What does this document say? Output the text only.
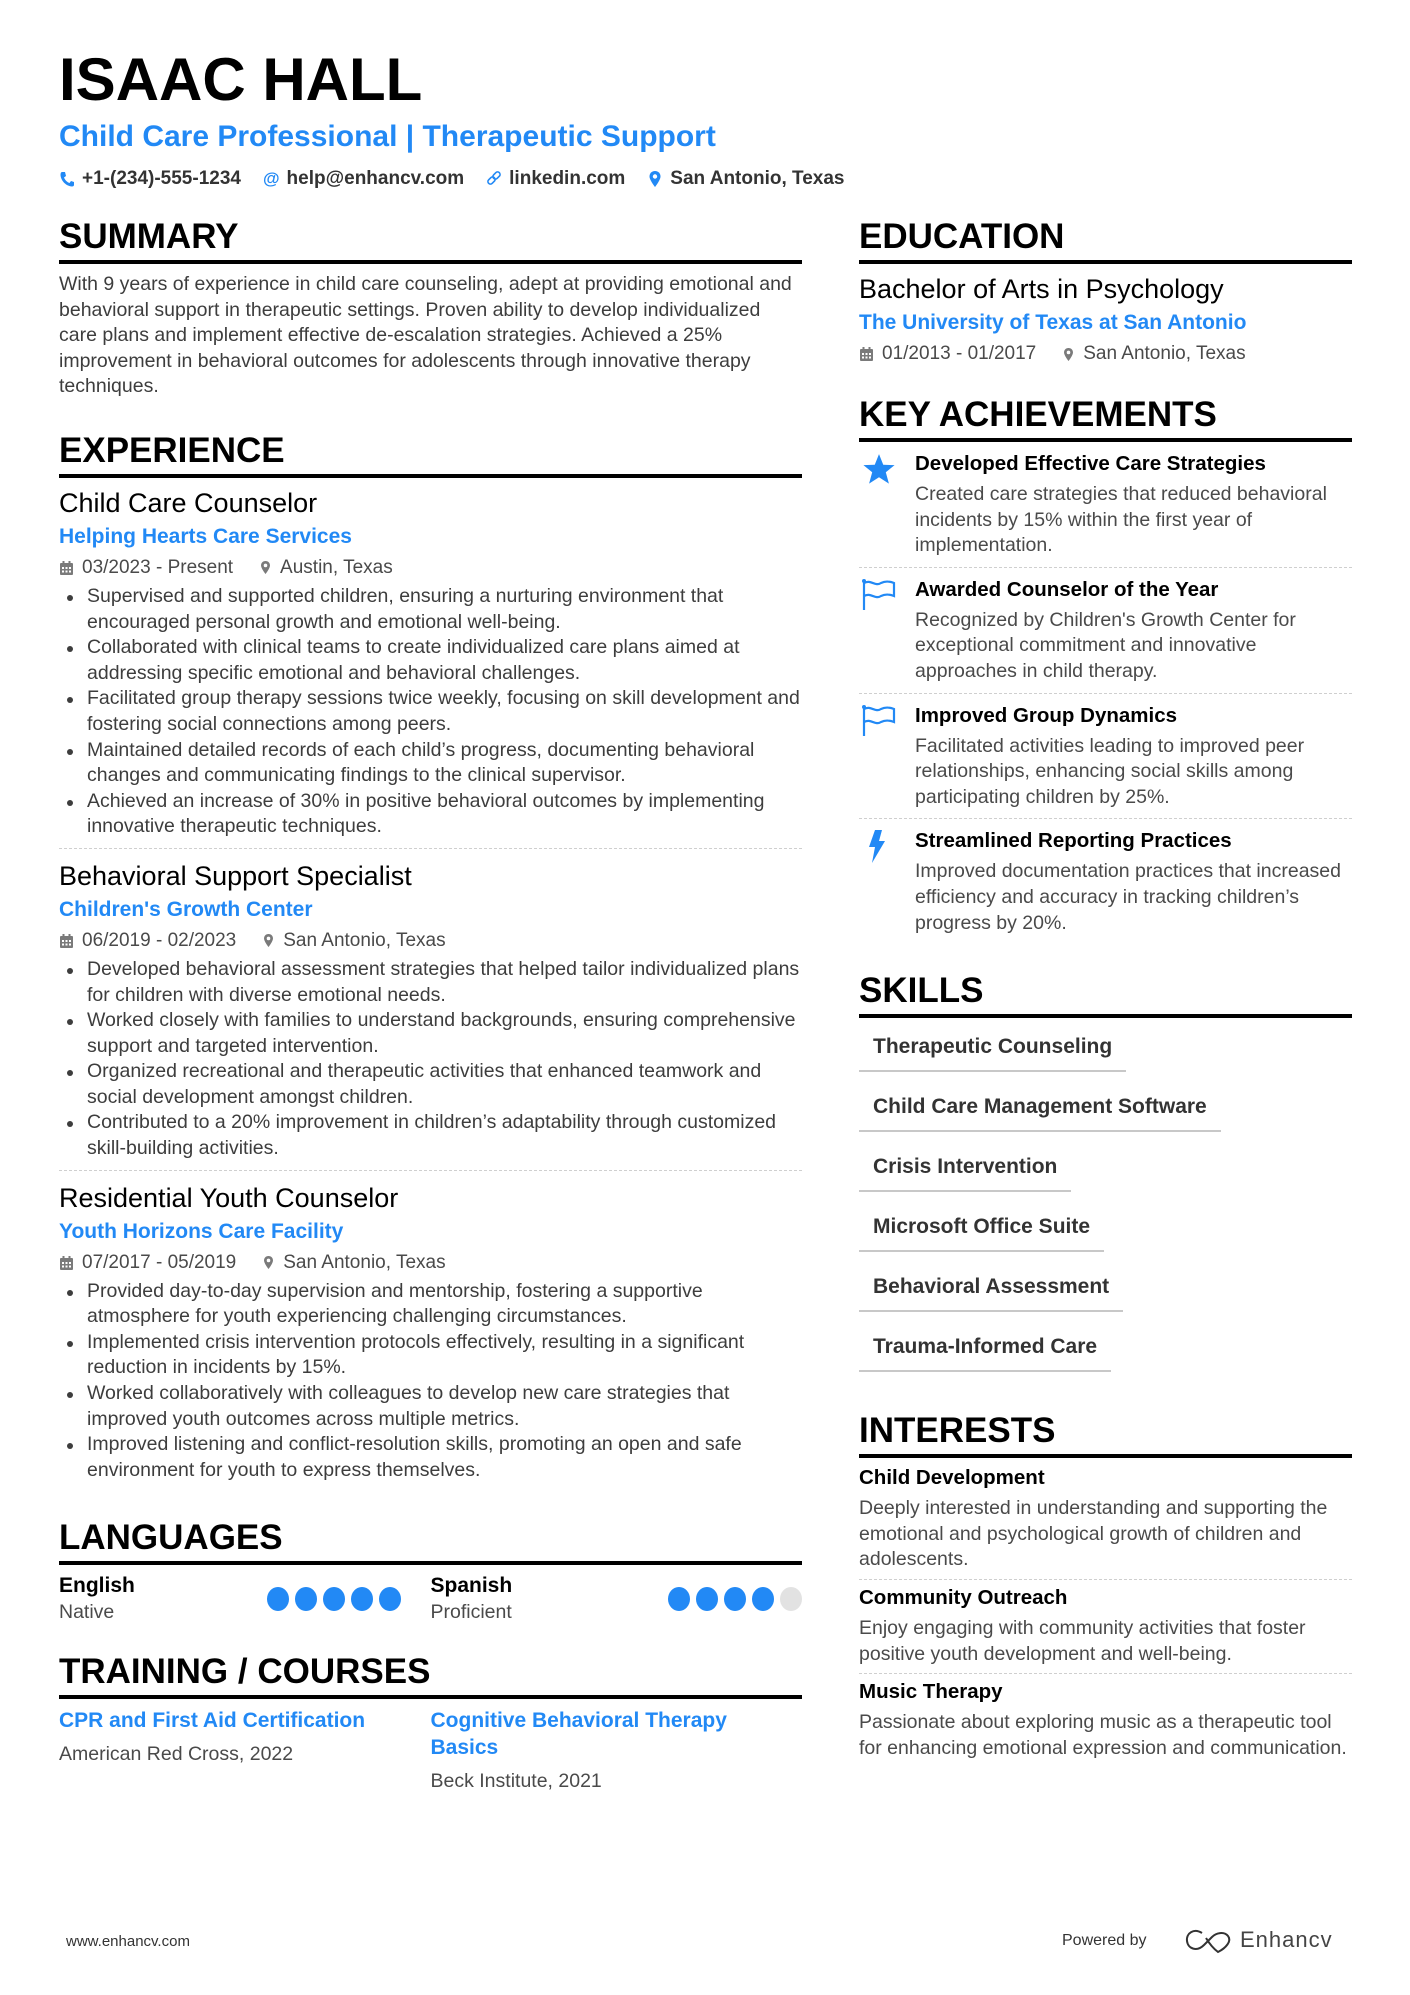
ISAAC HALL
Child Care Professional | Therapeutic Support
+1-(234)-555-1234 @ help@enhancv.com linkedin.com San Antonio, Texas
SUMMARY
With 9 years of experience in child care counseling, adept at providing emotional and behavioral support in therapeutic settings. Proven ability to develop individualized care plans and implement effective de-escalation strategies. Achieved a 25% improvement in behavioral outcomes for adolescents through innovative therapy techniques.
EXPERIENCE
Child Care Counselor
Helping Hearts Care Services
03/2023 - Present Austin, Texas
Supervised and supported children, ensuring a nurturing environment that encouraged personal growth and emotional well-being.
Collaborated with clinical teams to create individualized care plans aimed at addressing specific emotional and behavioral challenges.
Facilitated group therapy sessions twice weekly, focusing on skill development and fostering social connections among peers.
Maintained detailed records of each child’s progress, documenting behavioral changes and communicating findings to the clinical supervisor.
Achieved an increase of 30% in positive behavioral outcomes by implementing innovative therapeutic techniques.
Behavioral Support Specialist
Children's Growth Center
06/2019 - 02/2023 San Antonio, Texas
Developed behavioral assessment strategies that helped tailor individualized plans for children with diverse emotional needs.
Worked closely with families to understand backgrounds, ensuring comprehensive support and targeted intervention.
Organized recreational and therapeutic activities that enhanced teamwork and social development amongst children.
Contributed to a 20% improvement in children’s adaptability through customized skill-building activities.
Residential Youth Counselor
Youth Horizons Care Facility
07/2017 - 05/2019 San Antonio, Texas
Provided day-to-day supervision and mentorship, fostering a supportive atmosphere for youth experiencing challenging circumstances.
Implemented crisis intervention protocols effectively, resulting in a significant reduction in incidents by 15%.
Worked collaboratively with colleagues to develop new care strategies that improved youth outcomes across multiple metrics.
Improved listening and conflict-resolution skills, promoting an open and safe environment for youth to express themselves.
LANGUAGES
English
Native
Spanish
Proficient
TRAINING / COURSES
CPR and First Aid Certification
American Red Cross, 2022
Cognitive Behavioral Therapy Basics
Beck Institute, 2021
EDUCATION
Bachelor of Arts in Psychology
The University of Texas at San Antonio
01/2013 - 01/2017 San Antonio, Texas
KEY ACHIEVEMENTS
Developed Effective Care Strategies
Created care strategies that reduced behavioral incidents by 15% within the first year of implementation.
Awarded Counselor of the Year
Recognized by Children's Growth Center for exceptional commitment and innovative approaches in child therapy.
Improved Group Dynamics
Facilitated activities leading to improved peer relationships, enhancing social skills among participating children by 25%.
Streamlined Reporting Practices
Improved documentation practices that increased efficiency and accuracy in tracking children’s progress by 20%.
SKILLS
Therapeutic Counseling
Child Care Management Software
Crisis Intervention
Microsoft Office Suite
Behavioral Assessment
Trauma-Informed Care
INTERESTS
Child Development
Deeply interested in understanding and supporting the emotional and psychological growth of children and adolescents.
Community Outreach
Enjoy engaging with community activities that foster positive youth development and well-being.
Music Therapy
Passionate about exploring music as a therapeutic tool for enhancing emotional expression and communication.
www.enhancv.com	Powered by	Enhancv
